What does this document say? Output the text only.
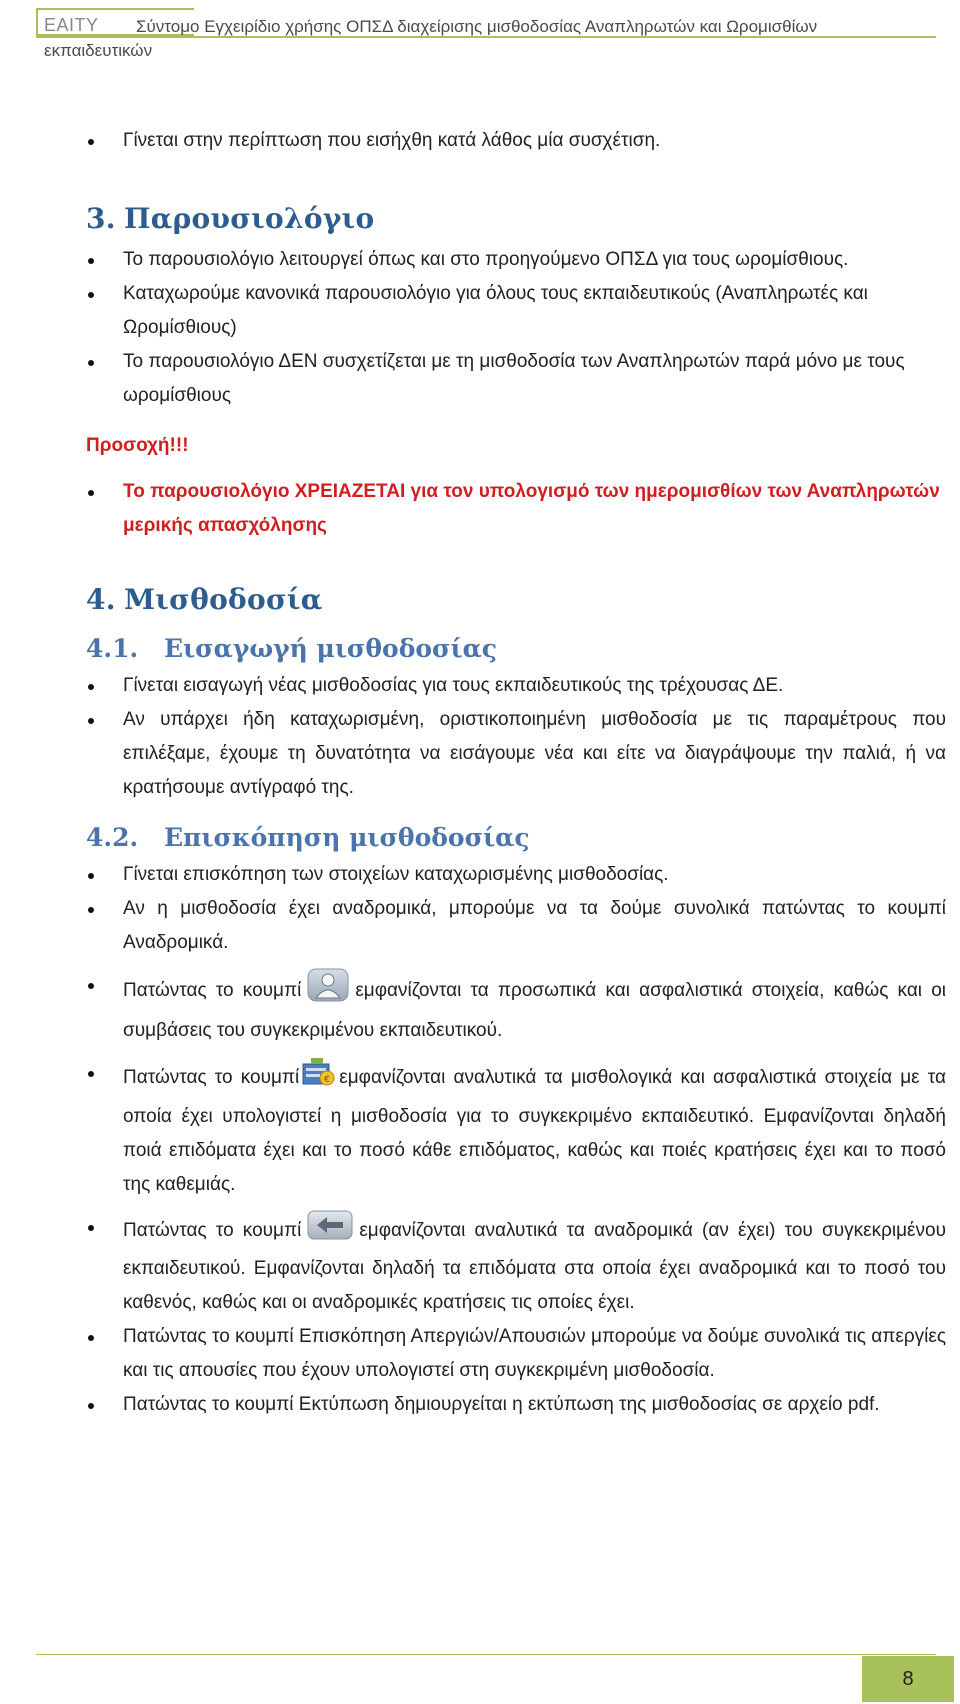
ΕΑΙΤΥ Σύντομο Εγχειρίδιο χρήσης ΟΠΣΔ διαχείρισης μισθοδοσίας Αναπληρωτών και Ωρομισθίων
εκπαιδευτικών
Γίνεται στην περίπτωση που εισήχθη κατά λάθος μία συσχέτιση.
3. Παρουσιολόγιο
Το παρουσιολόγιο λειτουργεί όπως και στο προηγούμενο ΟΠΣΔ για τους ωρομίσθιους.
Καταχωρούμε κανονικά παρουσιολόγιο για όλους τους εκπαιδευτικούς (Αναπληρωτές και Ωρομίσθιους)
Το παρουσιολόγιο ΔΕΝ συσχετίζεται με τη μισθοδοσία των Αναπληρωτών παρά μόνο με τους ωρομίσθιους
Προσοχή!!!
Το παρουσιολόγιο ΧΡΕΙΑΖΕΤΑΙ για τον υπολογισμό των ημερομισθίων των Αναπληρωτών μερικής απασχόλησης
4. Μισθοδοσία
4.1. Εισαγωγή μισθοδοσίας
Γίνεται εισαγωγή νέας μισθοδοσίας για τους εκπαιδευτικούς της τρέχουσας ΔΕ.
Αν υπάρχει ήδη καταχωρισμένη, οριστικοποιημένη μισθοδοσία με τις παραμέτρους που επιλέξαμε, έχουμε τη δυνατότητα να εισάγουμε νέα και είτε να διαγράψουμε την παλιά, ή να κρατήσουμε αντίγραφό της.
4.2. Επισκόπηση μισθοδοσίας
Γίνεται επισκόπηση των στοιχείων καταχωρισμένης μισθοδοσίας.
Αν η μισθοδοσία έχει αναδρομικά, μπορούμε να τα δούμε συνολικά πατώντας το κουμπί Αναδρομικά.
Πατώντας το κουμπί	εμφανίζονται τα προσωπικά και ασφαλιστικά στοιχεία, καθώς και οι συμβάσεις του συγκεκριμένου εκπαιδευτικού.
Πατώντας το κουμπί	€ εμφανίζονται αναλυτικά τα μισθολογικά και ασφαλιστικά στοιχεία με τα οποία έχει υπολογιστεί η μισθοδοσία για το συγκεκριμένο εκπαιδευτικό. Εμφανίζονται δηλαδή ποιά επιδόματα έχει και το ποσό κάθε επιδόματος, καθώς και ποιές κρατήσεις έχει και το ποσό της καθεμιάς.
Πατώντας το κουμπί	εμφανίζονται αναλυτικά τα αναδρομικά (αν έχει) του συγκεκριμένου εκπαιδευτικού. Εμφανίζονται δηλαδή τα επιδόματα στα οποία έχει αναδρομικά και το ποσό του καθενός, καθώς και οι αναδρομικές κρατήσεις τις οποίες έχει.
Πατώντας το κουμπί Επισκόπηση Απεργιών/Απουσιών μπορούμε να δούμε συνολικά τις απεργίες και τις απουσίες που έχουν υπολογιστεί στη συγκεκριμένη μισθοδοσία.
Πατώντας το κουμπί Εκτύπωση δημιουργείται η εκτύπωση της μισθοδοσίας σε αρχείο pdf.
8
